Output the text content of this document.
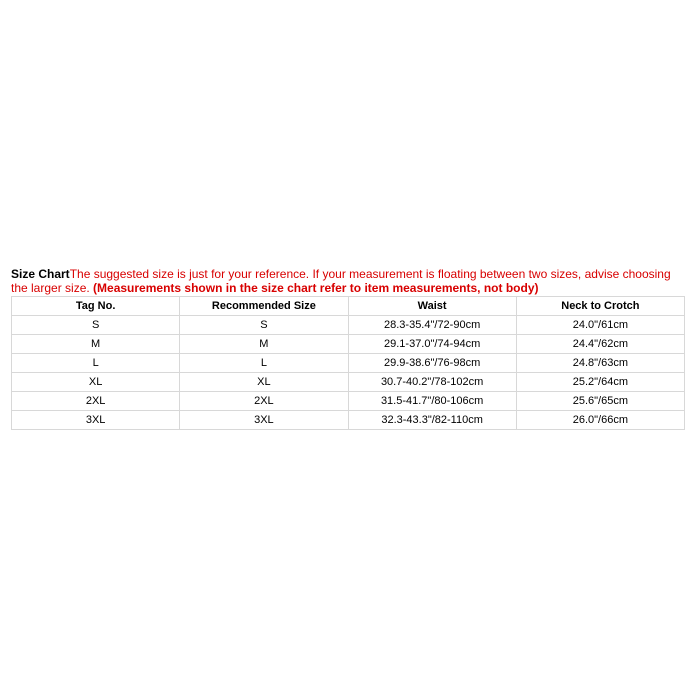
Size ChartThe suggested size is just for your reference. If your measurement is floating between two sizes, advise choosing the larger size. (Measurements shown in the size chart refer to item measurements, not body)
Tag No.	Recommended Size	Waist	Neck to Crotch
S	S	28.3-35.4"/72-90cm	24.0"/61cm
M	M	29.1-37.0"/74-94cm	24.4"/62cm
L	L	29.9-38.6"/76-98cm	24.8"/63cm
XL	XL	30.7-40.2"/78-102cm	25.2"/64cm
2XL	2XL	31.5-41.7"/80-106cm	25.6"/65cm
3XL	3XL	32.3-43.3"/82-110cm	26.0"/66cm
